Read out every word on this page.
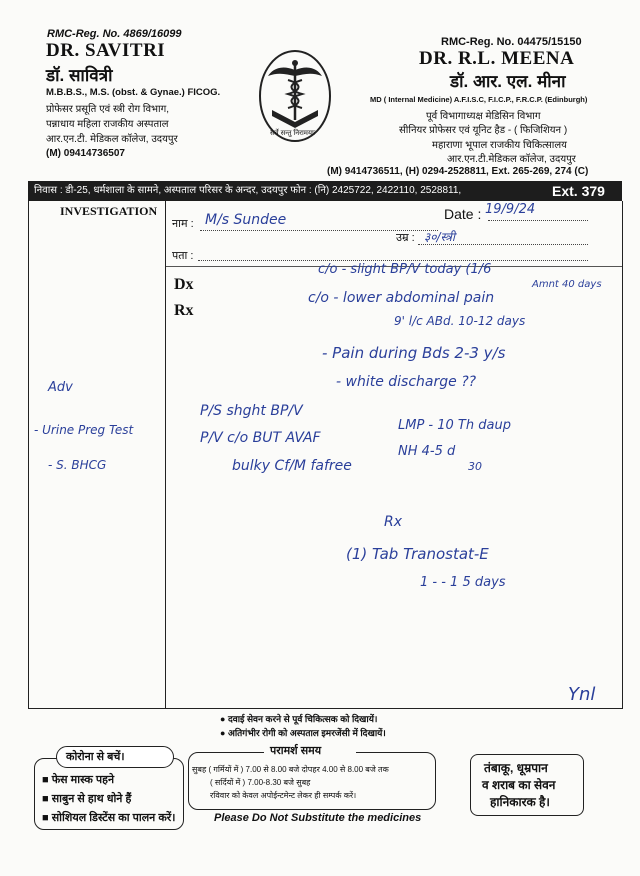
RMC-Reg. No. 4869/16099
DR. SAVITRI
डॉ. सावित्री
M.B.B.S., M.S. (obst. & Gynae.) FICOG.
प्रोफेसर प्रसूति एवं स्त्री रोग विभाग,
पन्नाधाय महिला राजकीय अस्पताल
आर.एन.टी. मेडिकल कॉलेज, उदयपुर
(M) 09414736507
सर्वे सन्तु निरामयाः
RMC-Reg. No. 04475/15150
DR. R.L. MEENA
डॉ. आर. एल. मीना
MD ( Internal Medicine) A.F.I.S.C, F.I.C.P., F.R.C.P. (Edinburgh)
पूर्व विभागाध्यक्ष मेडिसिन विभाग
सीनियर प्रोफेसर एवं यूनिट हैड - ( फिजिशियन )
महाराणा भूपाल राजकीय चिकित्सालय
आर.एन.टी.मेडिकल कॉलेज, उदयपुर
(M) 9414736511, (H) 0294-2528811, Ext. 265-269, 274 (C)
निवास : डी-25, धर्मशाला के सामने, अस्पताल परिसर के अन्दर, उदयपुर फोन : (नि) 2425722, 2422110, 2528811,	Ext. 379
INVESTIGATION
नाम :
Date :
उम्र :
पता :
Dx
Rx
M/s Sundee
19/9/24
३०/स्त्री
c/o - slight BP/V today (1/6
Amnt 40 days
c/o - lower abdominal pain
9' l/c ABd. 10-12 days
- Pain during Bds 2-3 y/s
- white discharge ??
P/S shght BP/V
P/V c/o BUT AVAF
bulky Cf/M fafree
LMP - 10 Th daup
NH 4-5 d
30
Rx
(1) Tab Tranostat-E
1 - - 1 5 days
Adv
- Urine Preg Test
- S. BHCG
Ynl
● दवाई सेवन करने से पूर्व चिकित्सक को दिखायें।
● अतिगंभीर रोगी को अस्पताल इमरजेंसी में दिखायें।
कोरोना से बचें।
■ फेस मास्क पहने
■ साबुन से हाथ धोने हैं
■ सोशियल डिस्टेंस का पालन करें।
परामर्श समय
सुबह ( गर्मियों में ) 7.00 से 8.00 बजे दोपहर 4.00 से 8.00 बजे तक
( सर्दियों में ) 7.00-8.30 बजे सुबह
रविवार को केवल अपोईन्टमेन्ट लेकर ही सम्पर्क करें।
Please Do Not Substitute the medicines
तंबाकू, धूम्रपान
व शराब का सेवन
हानिकारक है।
